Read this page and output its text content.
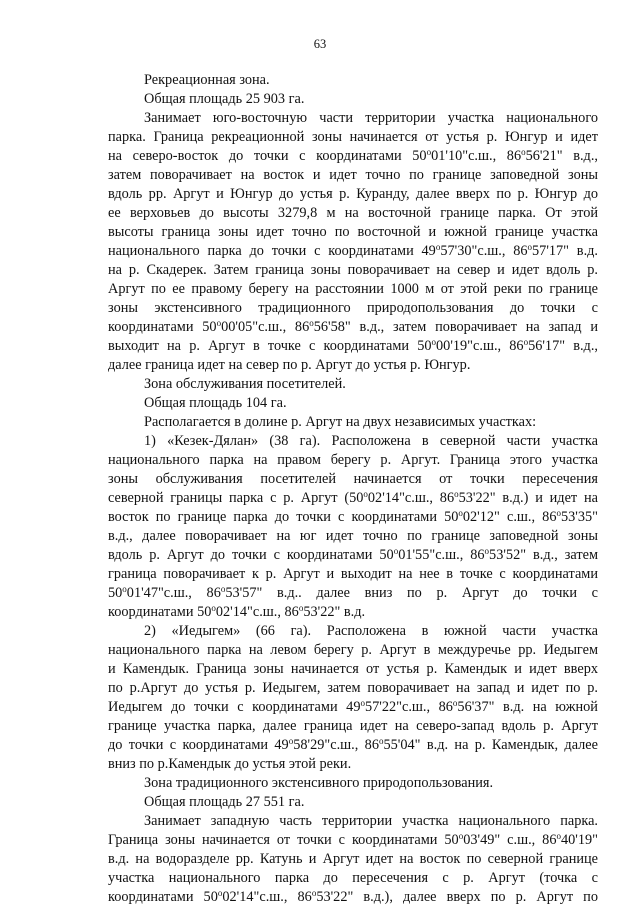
63
Рекреационная зона.
Общая площадь 25 903 га.
Занимает юго-восточную части территории участка национального
парка. Граница рекреационной зоны начинается от устья р. Юнгур и идет
на северо-восток до точки с координатами $50^о01'10"с.ш$., $86^о56'21$" в.д.,
затем поворачивает на восток и идет точно по границе заповедной зоны
вдоль рр. Аргут и Юнгур до устья р. Куранду, далее вверх по р. Юнгур до
ее верховьев до высоты 3279,8 м на восточной границе парка. От этой
высоты граница зоны идет точно по восточной и южной границе участка
национального парка до точки с координатами $49^о57'30"с.ш$., $86^о57'17$" в.д.
на р. Скадерек. Затем граница зоны поворачивает на север и идет вдоль р.
Аргут по ее правому берегу на расстоянии 1000 м от этой реки по границе
зоны экстенсивного традиционного природопользования до точки с
координатами $50^о00'05"с.ш$., $86^о56'58$" в.д., затем поворачивает на запад и
выходит на р. Аргут в точке с координатами $50^о00'19"с.ш$., $86^о56'17$" в.д.,
далее граница идет на север по р. Аргут до устья р. Юнгур.
Зона обслуживания посетителей.
Общая площадь 104 га.
Располагается в долине р. Аргут на двух независимых участках:
1) «Кезек-Дялан» (38 га). Расположена в северной части участка
национального парка на правом берегу р. Аргут. Граница этого участка
зоны обслуживания посетителей начинается от точки пересечения
северной границы парка с р. Аргут ($50^о02'14"с.ш$., $86^о53'22$" в.д.) и идет на
восток по границе парка до точки с координатами $50^о02'12$" с.ш., $86^о53'35$"
в.д., далее поворачивает на юг идет точно по границе заповедной зоны
вдоль р. Аргут до точки с координатами $50^о01'55"с.ш$., $86^о53'52$" в.д., затем
граница поворачивает к р. Аргут и выходит на нее в точке с координатами
$50^о01'47"с.ш$., $86^о53'57$" в.д.. далее вниз по р. Аргут до точки с
координатами $50^о02'14"с.ш$., $86^о53'22$" в.д.
2) «Иедыгем» (66 га). Расположена в южной части участка
национального парка на левом берегу р. Аргут в междуречье рр. Иедыгем
и Камендык. Граница зоны начинается от устья р. Камендык и идет вверх
по р.Аргут до устья р. Иедыгем, затем поворачивает на запад и идет по р.
Иедыгем до точки с координатами $49^о57'22"с.ш$., $86^о56'37$" в.д. на южной
границе участка парка, далее граница идет на северо-запад вдоль р. Аргут
до точки с координатами $49^о58'29"с.ш$., $86^о55'04$" в.д. на р. Камендык, далее
вниз по р.Камендык до устья этой реки.
Зона традиционного экстенсивного природопользования.
Общая площадь 27 551 га.
Занимает западную часть территории участка национального парка.
Граница зоны начинается от точки с координатами $50^о03'49$" с.ш., $86^о40'19$"
в.д. на водоразделе рр. Катунь и Аргут идет на восток по северной границе
участка национального парка до пересечения с р. Аргут (точка с
координатами $50^о02'14"с.ш$., $86^о53'22$" в.д.), далее вверх по р. Аргут по
